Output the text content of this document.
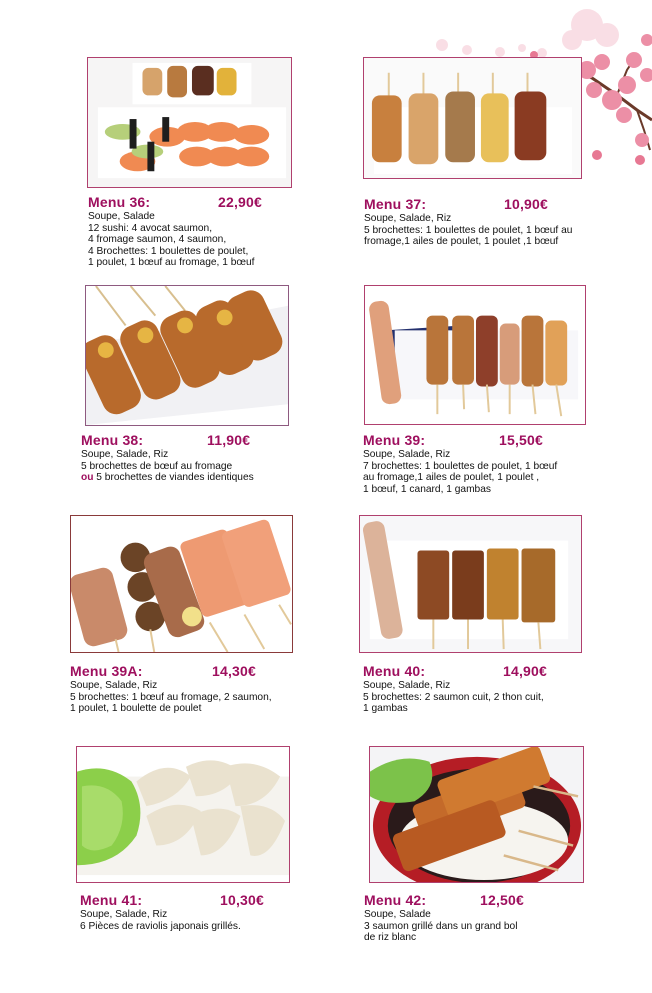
Menu 36:	22,90€
Soupe, Salade
12 sushi: 4 avocat saumon,
4 fromage saumon, 4 saumon,
4 Brochettes: 1 boulettes de poulet,
1 poulet, 1 bœuf au fromage, 1 bœuf
Menu 37:	10,90€
Soupe, Salade, Riz
5 brochettes: 1 boulettes de poulet, 1 bœuf au
fromage,1 ailes de poulet, 1 poulet ,1 bœuf
Menu 38:	11,90€
Soupe, Salade, Riz
5 brochettes de bœuf au fromage
ou 5 brochettes de viandes identiques
Menu 39:	15,50€
Soupe, Salade, Riz
7 brochettes: 1 boulettes de poulet, 1 bœuf
au fromage,1 ailes de poulet, 1 poulet ,
1 bœuf, 1 canard, 1 gambas
Menu 39A:	14,30€
Soupe, Salade, Riz
5 brochettes: 1 bœuf au fromage, 2 saumon,
1 poulet, 1 boulette de poulet
Menu 40:	14,90€
Soupe, Salade, Riz
5 brochettes: 2 saumon cuit, 2 thon cuit,
1 gambas
Menu 41:	10,30€
Soupe, Salade, Riz
6 Pièces de raviolis japonais grillés.
Menu 42:	12,50€
Soupe, Salade
3 saumon grillé dans un grand bol
de riz blanc
